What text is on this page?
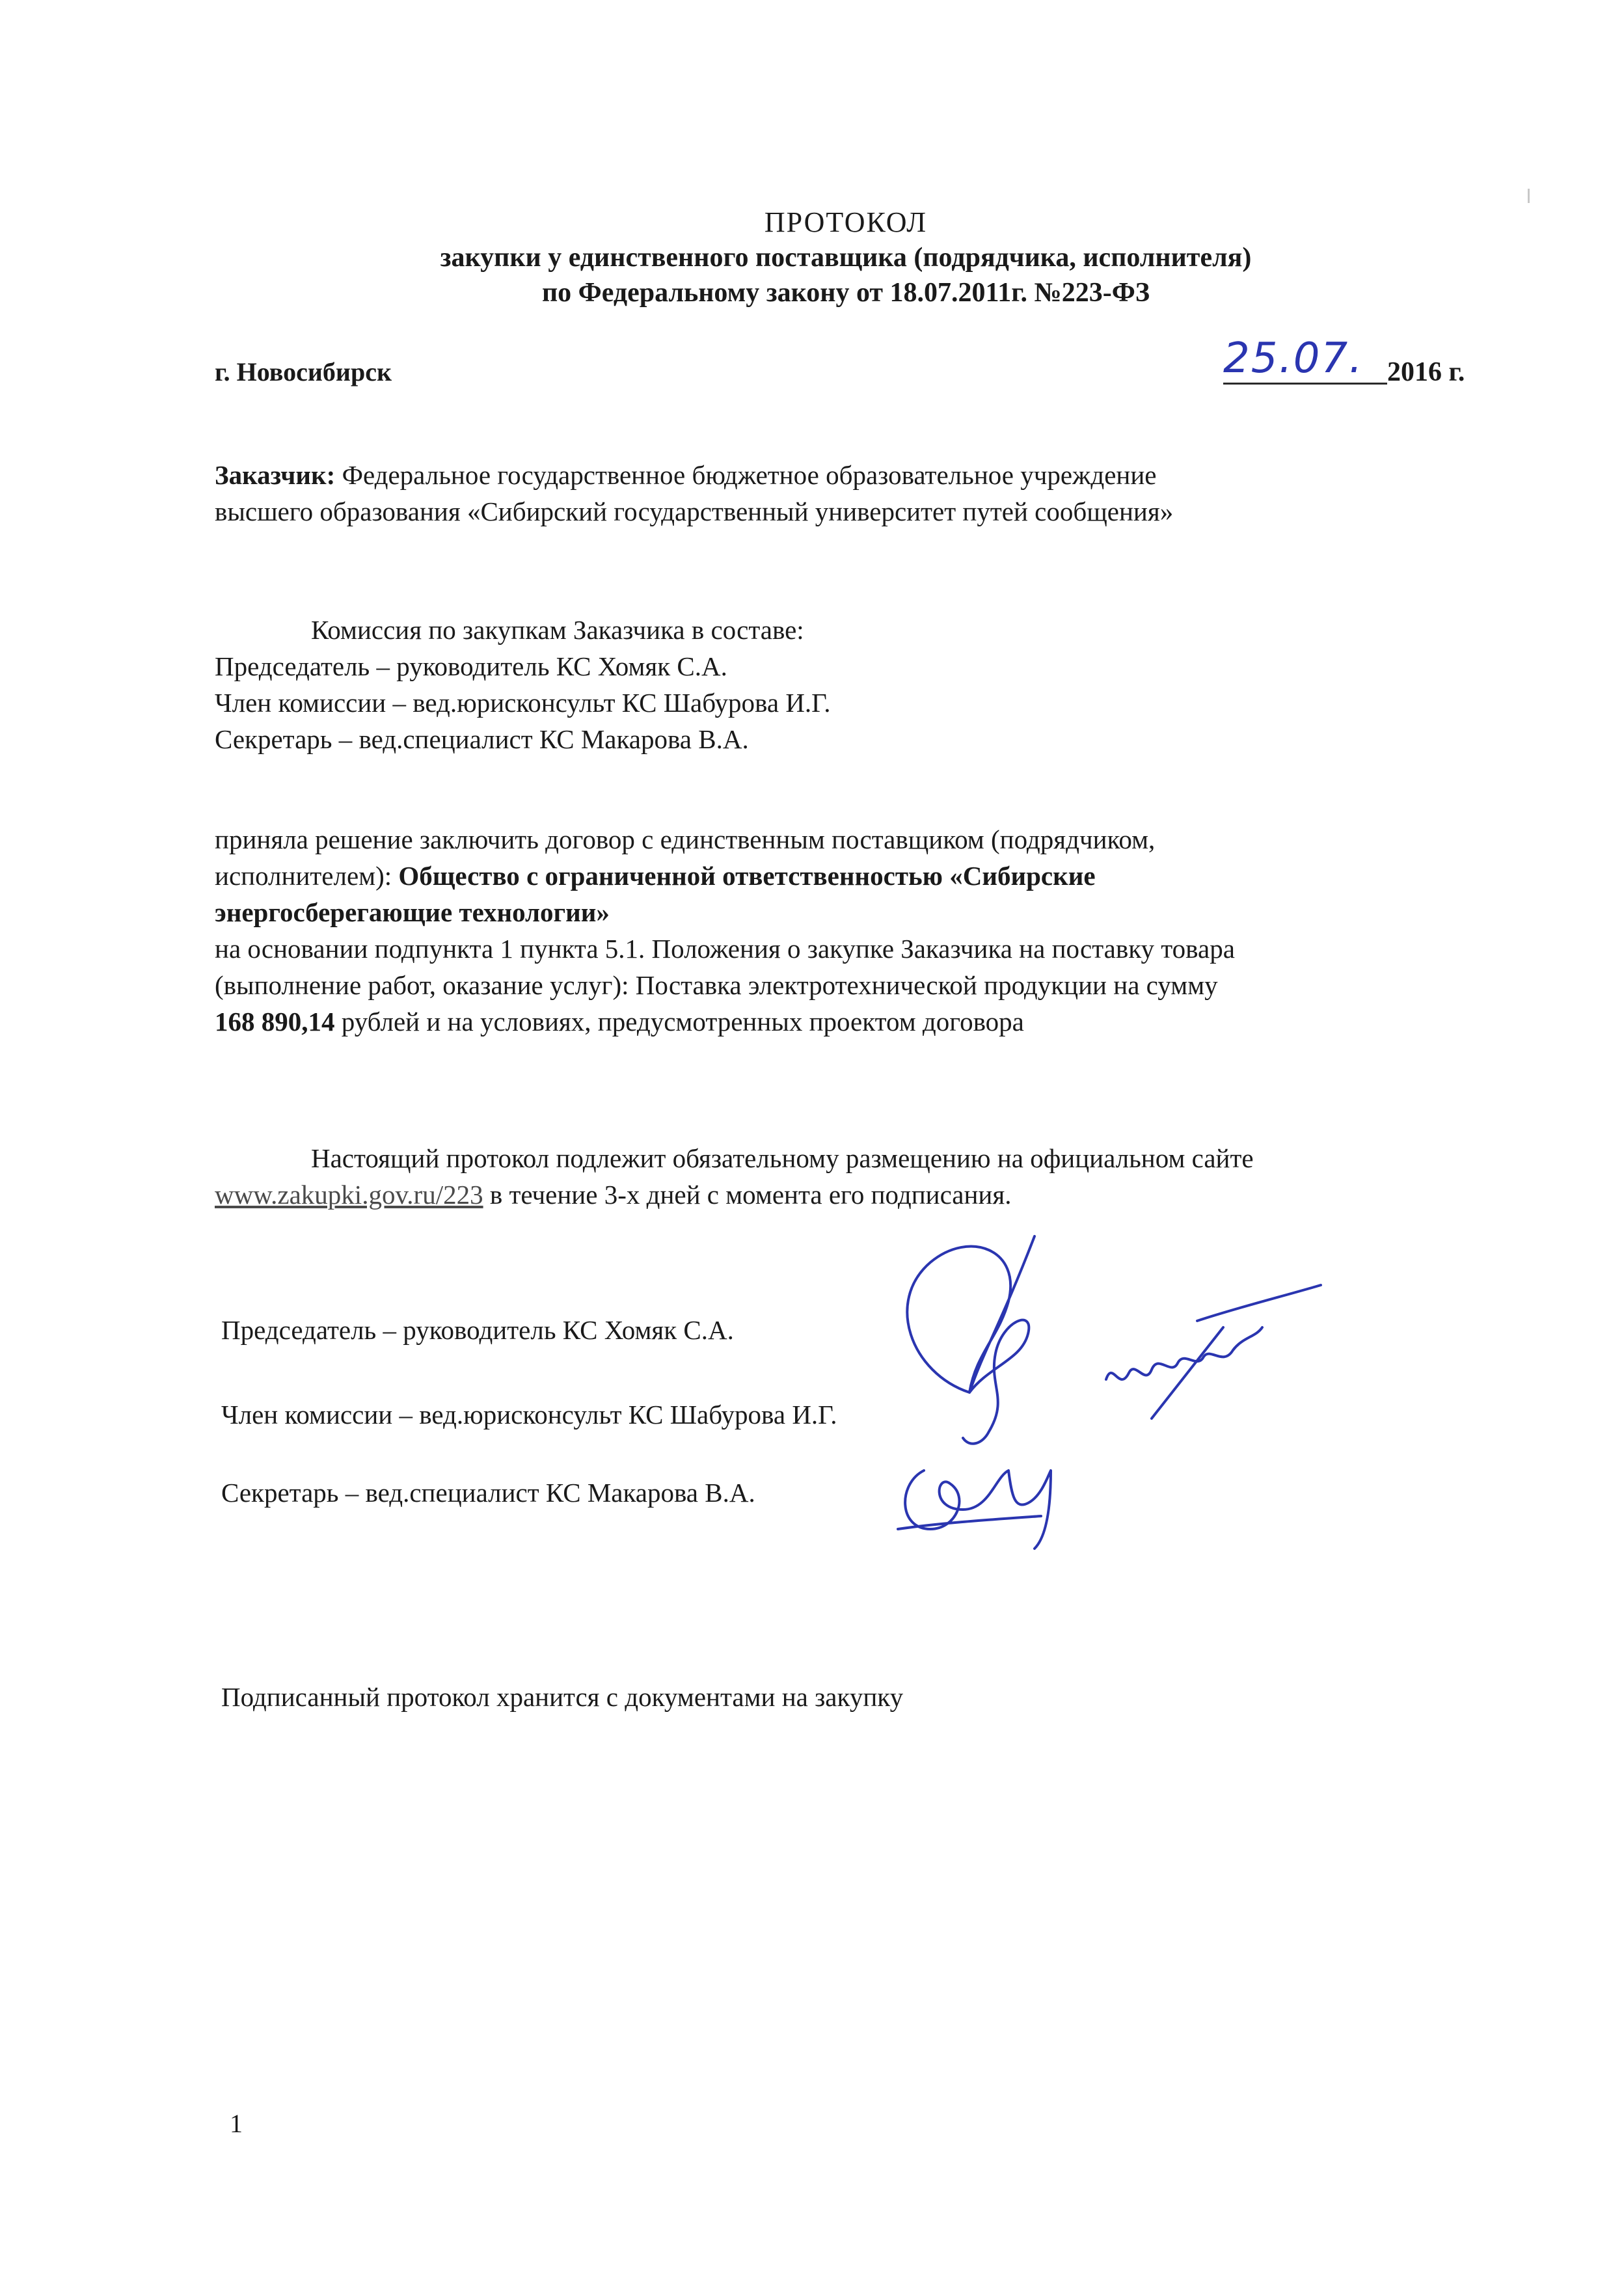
ПРОТОКОЛ
закупки у единственного поставщика (подрядчика, исполнителя)
по Федеральному закону от 18.07.2011г. №223-ФЗ
г. Новосибирск	25.07. 2016 г.
Заказчик: Федеральное государственное бюджетное образовательное учреждение
высшего образования «Сибирский государственный университет путей сообщения»
Комиссия по закупкам Заказчика в составе:
Председатель – руководитель КС Хомяк С.А.
Член комиссии – вед.юрисконсульт КС Шабурова И.Г.
Секретарь – вед.специалист КС Макарова В.А.
приняла решение заключить договор с единственным поставщиком (подрядчиком,
исполнителем): Общество с ограниченной ответственностью «Сибирские
энергосберегающие технологии»
на основании подпункта 1 пункта 5.1. Положения о закупке Заказчика на поставку товара
(выполнение работ, оказание услуг): Поставка электротехнической продукции на сумму
168 890,14 рублей и на условиях, предусмотренных проектом договора
Настоящий протокол подлежит обязательному размещению на официальном сайте
www.zakupki.gov.ru/223 в течение 3-х дней с момента его подписания.
Председатель – руководитель КС Хомяк С.А.
Член комиссии – вед.юрисконсульт КС Шабурова И.Г.
Секретарь – вед.специалист КС Макарова В.А.
Подписанный протокол хранится с документами на закупку
1
